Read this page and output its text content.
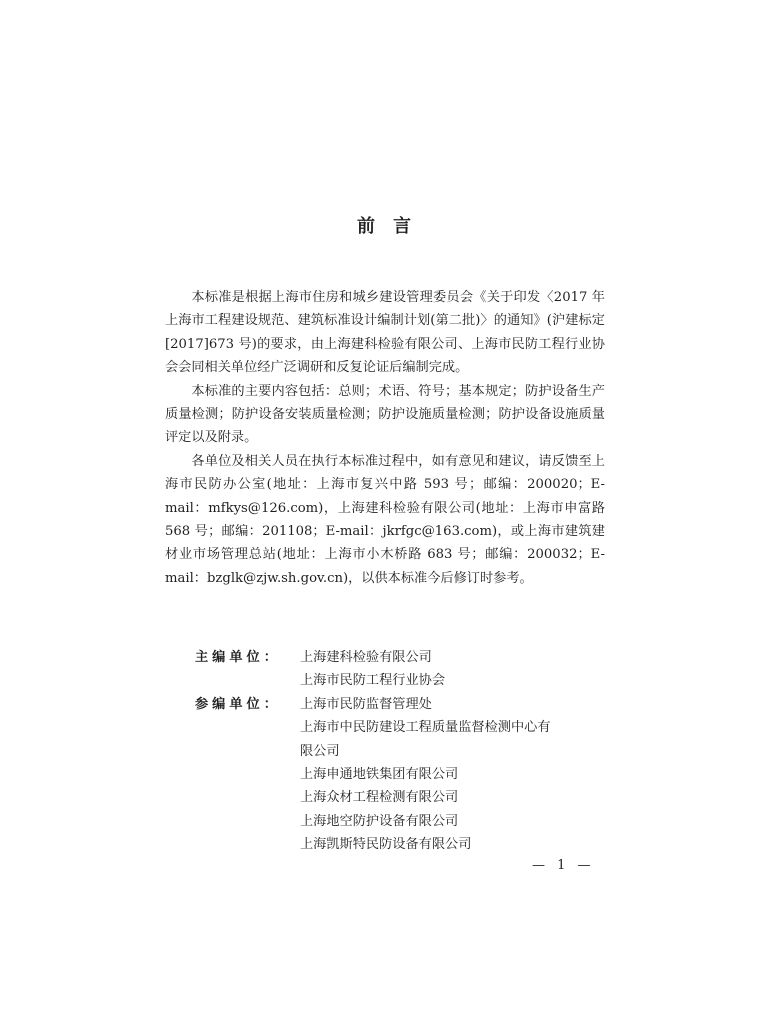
前言

本标准是根据上海市住房和城乡建设管理委员会《关于印发〈2017 年上海市工程建设规范、建筑标准设计编制计划(第二批)〉的通知》(沪建标定[2017]673 号)的要求，由上海建科检验有限公司、上海市民防工程行业协会会同相关单位经广泛调研和反复论证后编制完成。

本标准的主要内容包括：总则；术语、符号；基本规定；防护设备生产质量检测；防护设备安装质量检测；防护设施质量检测；防护设备设施质量评定以及附录。

各单位及相关人员在执行本标准过程中，如有意见和建议，请反馈至上海市民防办公室(地址：上海市复兴中路 593 号；邮编：200020；E-mail：mfkys@126.com)，上海建科检验有限公司(地址：上海市申富路 568 号；邮编：201108；E-mail：jkrfgc@163.com)，或上海市建筑建材业市场管理总站(地址：上海市小木桥路 683 号；邮编：200032；E-mail：bzglk@zjw.sh.gov.cn)，以供本标准今后修订时参考。

主编单位：	上海建科检验有限公司
上海市民防工程行业协会
参编单位：	上海市民防监督管理处
上海市中民防建设工程质量监督检测中心有
限公司
上海申通地铁集团有限公司
上海众材工程检测有限公司
上海地空防护设备有限公司
上海凯斯特民防设备有限公司
— 1 —
